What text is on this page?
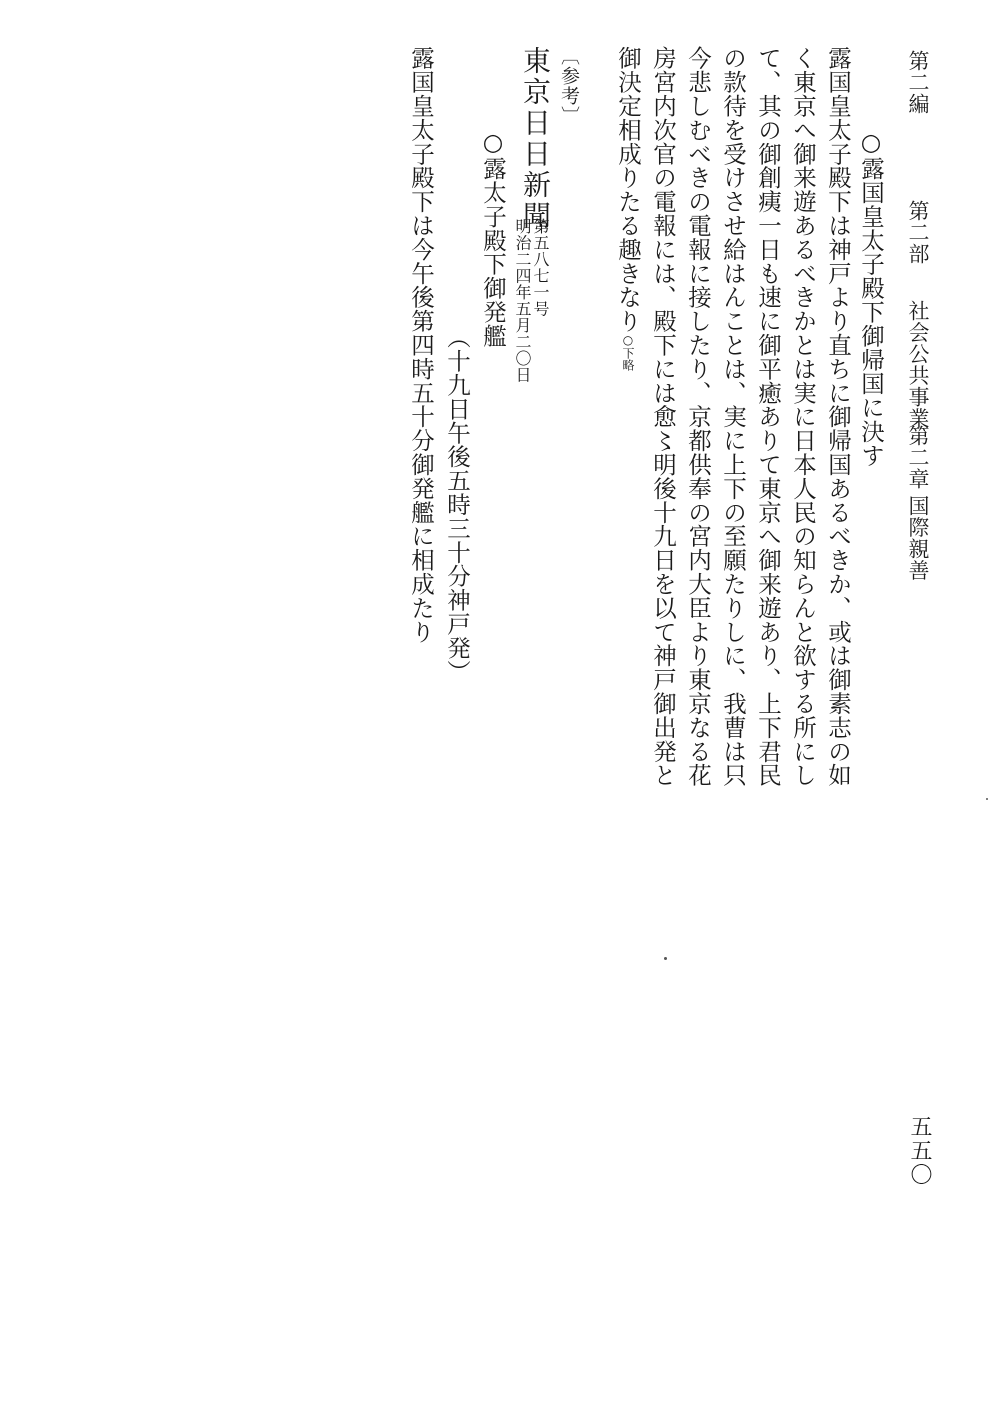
第二編
第二部
社会公共事業
第二章
国際親善
○露国皇太子殿下御帰国に決す
露国皇太子殿下は神戸より直ちに御帰国あるべきか、或は御素志の如
く東京へ御来遊あるべきかとは実に日本人民の知らんと欲する所にし
て、其の御創痍一日も速に御平癒ありて東京へ御来遊あり、上下君民
の款待を受けさせ給はんことは、実に上下の至願たりしに、我曹は只
今悲しむべきの電報に接したり、京都供奉の宮内大臣より東京なる花
房宮内次官の電報には、殿下には愈〻明後十九日を以て神戸御出発と
御決定相成りたる趣きなり○下略
〔参考〕
東京日日新聞
第五八七一号
明治二四年五月二〇日
○露太子殿下御発艦
（十九日午後五時三十分神戸発）
露国皇太子殿下は今午後第四時五十分御発艦に相成たり
五五〇
